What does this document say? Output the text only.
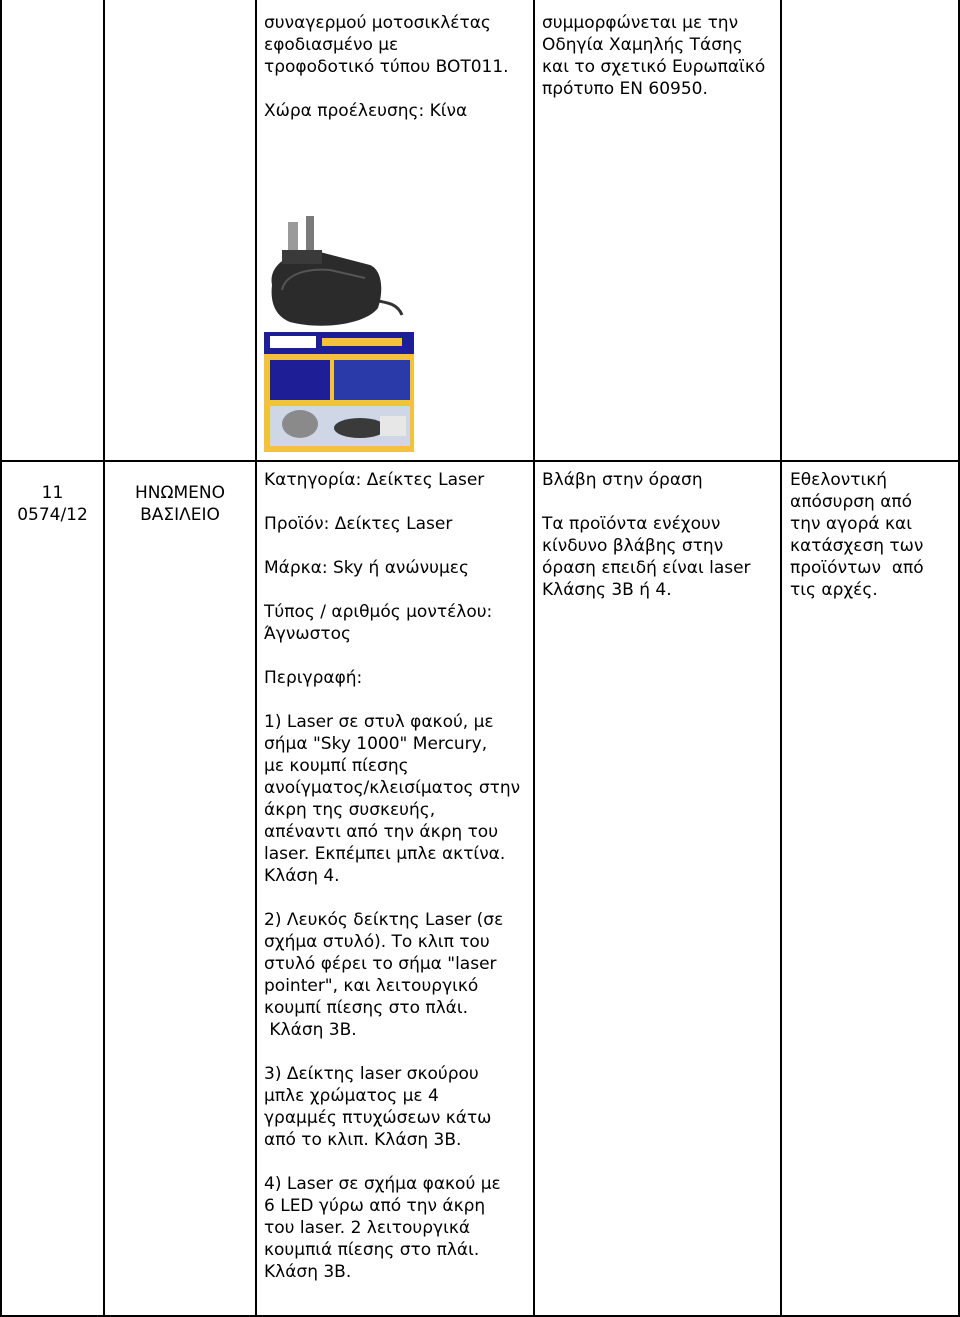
συναγερμού μοτοσικλέτας

εφοδιασμένο με

τροφοδοτικό τύπου BOT011.

Χώρα προέλευσης: Κίνα

συμμορφώνεται με την

Οδηγία Χαμηλής Τάσης

και το σχετικό Ευρωπαϊκό

πρότυπο EN 60950.

11

0574/12

ΗΝΩΜΕΝΟ

ΒΑΣΙΛΕΙΟ

Κατηγορία: Δείκτες Laser

Προϊόν: Δείκτες Laser

Μάρκα: Sky ή ανώνυμες

Τύπος / αριθμός μοντέλου:

Άγνωστος

Περιγραφή:

1) Laser σε στυλ φακού, με

σήμα "Sky 1000" Mercury,

με κουμπί πίεσης

ανοίγματος/κλεισίματος στην

άκρη της συσκευής,

απέναντι από την άκρη του

laser. Εκπέμπει μπλε ακτίνα.

Κλάση 4.

2) Λευκός δείκτης Laser (σε

σχήμα στυλό). Το κλιπ του

στυλό φέρει το σήμα "laser

pointer", και λειτουργικό

κουμπί πίεσης στο πλάι.

Κλάση 3B.

3) Δείκτης laser σκούρου

μπλε χρώματος με 4

γραμμές πτυχώσεων κάτω

από το κλιπ. Κλάση 3B.

4) Laser σε σχήμα φακού με

6 LED γύρω από την άκρη

του laser. 2 λειτουργικά

κουμπιά πίεσης στο πλάι.

Κλάση 3B.

Βλάβη στην όραση

Τα προϊόντα ενέχουν

κίνδυνο βλάβης στην

όραση επειδή είναι laser

Κλάσης 3B ή 4.

Εθελοντική

απόσυρση από

την αγορά και

κατάσχεση των

προϊόντων  από

τις αρχές.
